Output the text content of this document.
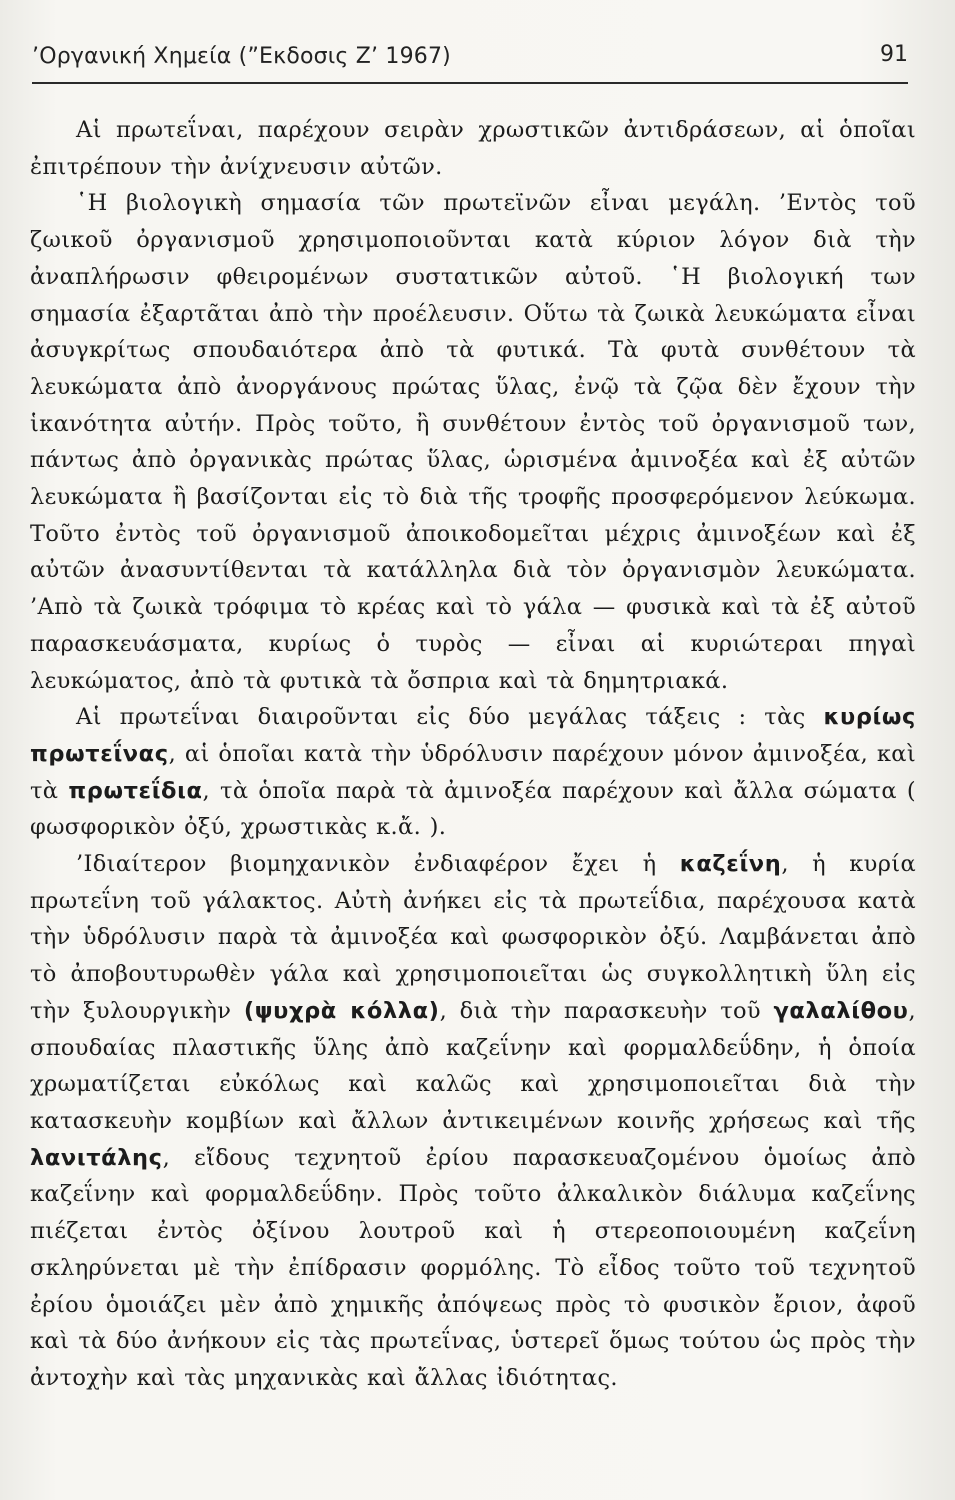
’Οργανική Χημεία (”Εκδοσις Ζ’ 1967)	91

Αἱ πρωτεΐναι, παρέχουν σειρὰν χρωστικῶν ἀντιδράσεων, αἱ ὁποῖαι ἐπιτρέπουν τὴν ἀνίχνευσιν αὐτῶν.

῾Η βιολογικὴ σημασία τῶν πρωτεϊνῶν εἶναι μεγάλη. ’Εντὸς τοῦ ζωικοῦ ὀργανισμοῦ χρησιμοποιοῦνται κατὰ κύριον λόγον διὰ τὴν ἀναπλήρωσιν φθειρομένων συστατικῶν αὐτοῦ. ῾Η βιολογική των σημασία ἐξαρτᾶται ἀπὸ τὴν προέλευσιν. Οὕτω τὰ ζωικὰ λευκώματα εἶναι ἀσυγκρίτως σπουδαιότερα ἀπὸ τὰ φυτικά. Τὰ φυτὰ συνθέτουν τὰ λευκώματα ἀπὸ ἀνοργάνους πρώτας ὕλας, ἐνῷ τὰ ζῷα δὲν ἔχουν τὴν ἱκανότητα αὐτήν. Πρὸς τοῦτο, ἢ συνθέτουν ἐντὸς τοῦ ὀργανισμοῦ των, πάντως ἀπὸ ὀργανικὰς πρώτας ὕλας, ὡρισμένα ἀμινοξέα καὶ ἐξ αὐτῶν λευκώματα ἢ βασίζονται εἰς τὸ διὰ τῆς τροφῆς προσφερόμενον λεύκωμα. Τοῦτο ἐντὸς τοῦ ὀργανισμοῦ ἀποικοδομεῖται μέχρις ἀμινοξέων καὶ ἐξ αὐτῶν ἀνασυντίθενται τὰ κατάλληλα διὰ τὸν ὀργανισμὸν λευκώματα. ’Απὸ τὰ ζωικὰ τρόφιμα τὸ κρέας καὶ τὸ γάλα — φυσικὰ καὶ τὰ ἐξ αὐτοῦ παρασκευάσματα, κυρίως ὁ τυρὸς — εἶναι αἱ κυριώτεραι πηγαὶ λευκώματος, ἀπὸ τὰ φυτικὰ τὰ ὄσπρια καὶ τὰ δημητριακά.

Αἱ πρωτεΐναι διαιροῦνται εἰς δύο μεγάλας τάξεις : τὰς κυρίως πρωτεΐνας, αἱ ὁποῖαι κατὰ τὴν ὑδρόλυσιν παρέχουν μόνον ἀμινοξέα, καὶ τὰ πρωτεΐδια, τὰ ὁποῖα παρὰ τὰ ἀμινοξέα παρέχουν καὶ ἄλλα σώματα ( φωσφορικὸν ὀξύ, χρωστικὰς κ.ἄ. ).

’Ιδιαίτερον βιομηχανικὸν ἐνδιαφέρον ἔχει ἡ καζεΐνη, ἡ κυρία πρωτεΐνη τοῦ γάλακτος. Αὐτὴ ἀνήκει εἰς τὰ πρωτεΐδια, παρέχουσα κατὰ τὴν ὑδρόλυσιν παρὰ τὰ ἀμινοξέα καὶ φωσφορικὸν ὀξύ. Λαμβάνεται ἀπὸ τὸ ἀποβουτυρωθὲν γάλα καὶ χρησιμοποιεῖται ὡς συγκολλητικὴ ὕλη εἰς τὴν ξυλουργικὴν (ψυχρὰ κόλλα), διὰ τὴν παρασκευὴν τοῦ γαλαλίθου, σπουδαίας πλαστικῆς ὕλης ἀπὸ καζεΐνην καὶ φορμαλδεΰδην, ἡ ὁποία χρωματίζεται εὐκόλως καὶ καλῶς καὶ χρησιμοποιεῖται διὰ τὴν κατασκευὴν κομβίων καὶ ἄλλων ἀντικειμένων κοινῆς χρήσεως καὶ τῆς λανιτάλης, εἴδους τεχνητοῦ ἐρίου παρασκευαζομένου ὁμοίως ἀπὸ καζεΐνην καὶ φορμαλδεΰδην. Πρὸς τοῦτο ἀλκαλικὸν διάλυμα καζεΐνης πιέζεται ἐντὸς ὀξίνου λουτροῦ καὶ ἡ στερεοποιουμένη καζεΐνη σκληρύνεται μὲ τὴν ἐπίδρασιν φορμόλης. Τὸ εἶδος τοῦτο τοῦ τεχνητοῦ ἐρίου ὁμοιάζει μὲν ἀπὸ χημικῆς ἀπόψεως πρὸς τὸ φυσικὸν ἔριον, ἀφοῦ καὶ τὰ δύο ἀνήκουν εἰς τὰς πρωτεΐνας, ὑστερεῖ ὅμως τούτου ὡς πρὸς τὴν ἀντοχὴν καὶ τὰς μηχανικὰς καὶ ἄλλας ἰδιότητας.
